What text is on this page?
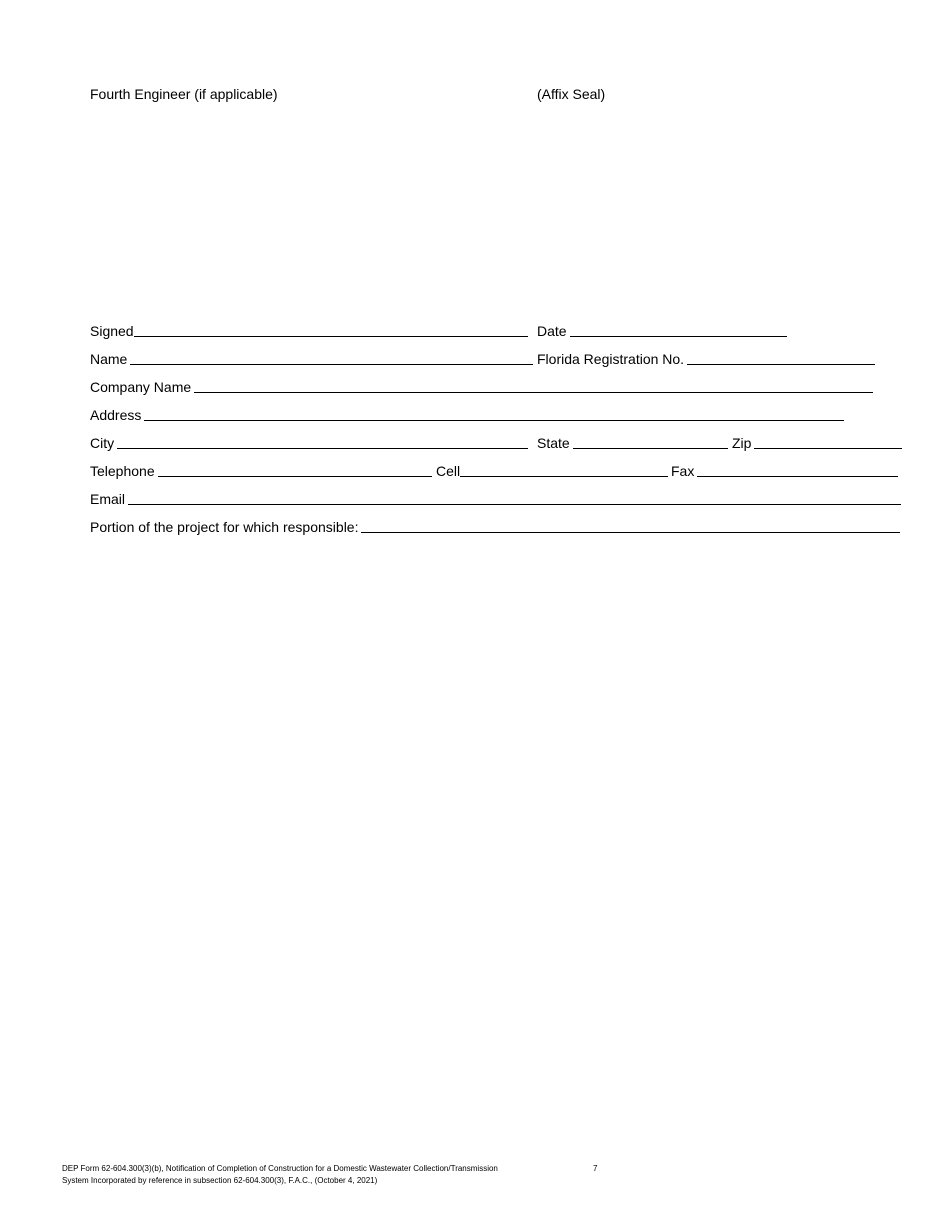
Fourth Engineer (if applicable)	(Affix Seal)
Signed	Date
Name	Florida Registration No.
Company Name
Address
City	State	Zip
Telephone	Cell	Fax
Email
Portion of the project for which responsible:
DEP Form 62-604.300(3)(b), Notification of Completion of Construction for a Domestic Wastewater Collection/Transmission
System Incorporated by reference in subsection 62-604.300(3), F.A.C., (October 4, 2021)
7
